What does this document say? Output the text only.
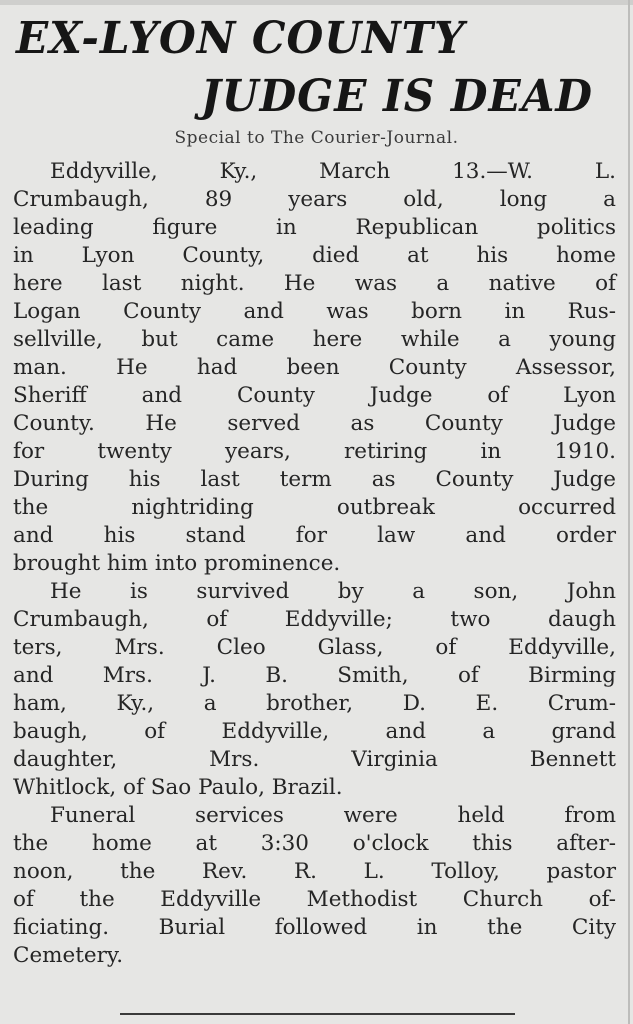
EX-LYON COUNTY
JUDGE IS DEAD
Special to The Courier-Journal.
Eddyville, Ky., March 13.—W. L.
Crumbaugh, 89 years old, long a
leading figure in Republican politics
in Lyon County, died at his home
here last night. He was a native of
Logan County and was born in Rus-
sellville, but came here while a young
man. He had been County Assessor,
Sheriff and County Judge of Lyon
County. He served as County Judge
for twenty years, retiring in 1910.
During his last term as County Judge
the nightriding outbreak occurred
and his stand for law and order
brought him into prominence.
He is survived by a son, John
Crumbaugh, of Eddyville; two daugh
ters, Mrs. Cleo Glass, of Eddyville,
and Mrs. J. B. Smith, of Birming
ham, Ky., a brother, D. E. Crum-
baugh, of Eddyville, and a grand
daughter, Mrs. Virginia Bennett
Whitlock, of Sao Paulo, Brazil.
Funeral services were held from
the home at 3:30 o'clock this after-
noon, the Rev. R. L. Tolloy, pastor
of the Eddyville Methodist Church of-
ficiating. Burial followed in the City
Cemetery.
